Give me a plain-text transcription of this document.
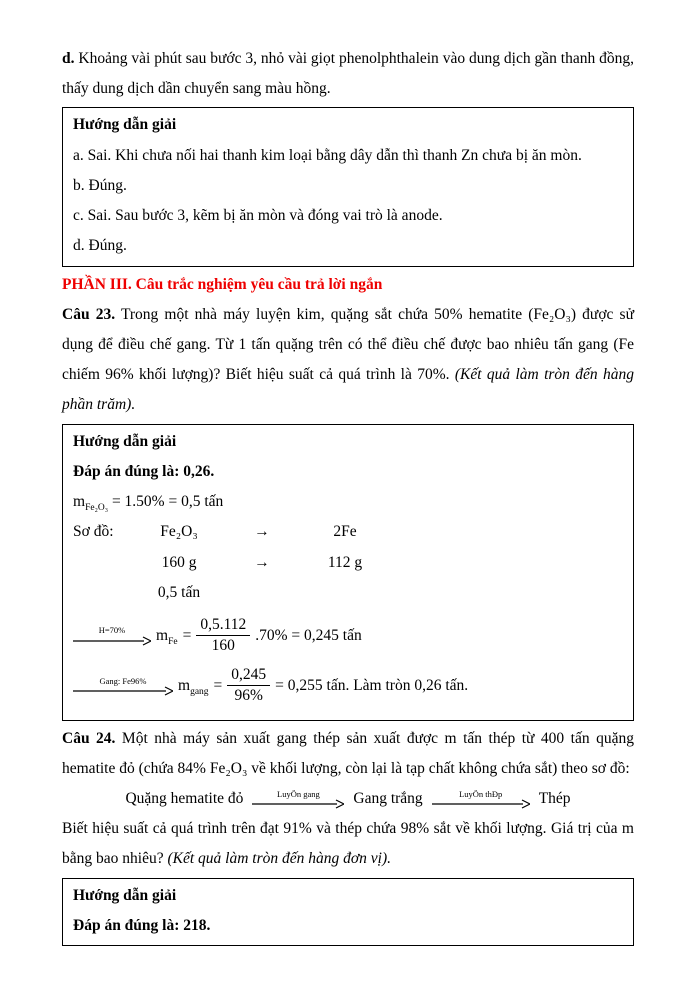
d. Khoảng vài phút sau bước 3, nhỏ vài giọt phenolphthalein vào dung dịch gần thanh đồng, thấy dung dịch dần chuyển sang màu hồng.

Hướng dẫn giải

a. Sai. Khi chưa nối hai thanh kim loại bằng dây dẫn thì thanh Zn chưa bị ăn mòn.

b. Đúng.

c. Sai. Sau bước 3, kẽm bị ăn mòn và đóng vai trò là anode.

d. Đúng.

PHẦN III. Câu trắc nghiệm yêu cầu trả lời ngắn

Câu 23. Trong một nhà máy luyện kim, quặng sắt chứa 50% hematite (Fe₂O₃) được sử dụng để điều chế gang. Từ 1 tấn quặng trên có thể điều chế được bao nhiêu tấn gang (Fe chiếm 96% khối lượng)? Biết hiệu suất cả quá trình là 70%. (Kết quả làm tròn đến hàng phần trăm).

Hướng dẫn giải

Đáp án đúng là: 0,26.

$m_{Fe_2O_3} = 1.50\% = 0,5$ tấn

Sơ đồ:	Fe₂O₃	→	2Fe
160 g	→	112 g
0,5 tấn
H=70% $m_{Fe} = \frac{0,5.112}{160} .70\% = 0,245$ tấn
Gang: Fe96% $m_{gang} = \frac{0,245}{96\%} = 0,255$ tấn. Làm tròn 0,26 tấn.

Câu 24. Một nhà máy sản xuất gang thép sản xuất được m tấn thép từ 400 tấn quặng hematite đỏ (chứa 84% Fe₂O₃ về khối lượng, còn lại là tạp chất không chứa sắt) theo sơ đồ:

Quặng hematite đỏ	LuyÖn gang Gang trắng	LuyÖn thÐp Thép

Biết hiệu suất cả quá trình trên đạt 91% và thép chứa 98% sắt về khối lượng. Giá trị của m bằng bao nhiêu? (Kết quả làm tròn đến hàng đơn vị).

Hướng dẫn giải

Đáp án đúng là: 218.
